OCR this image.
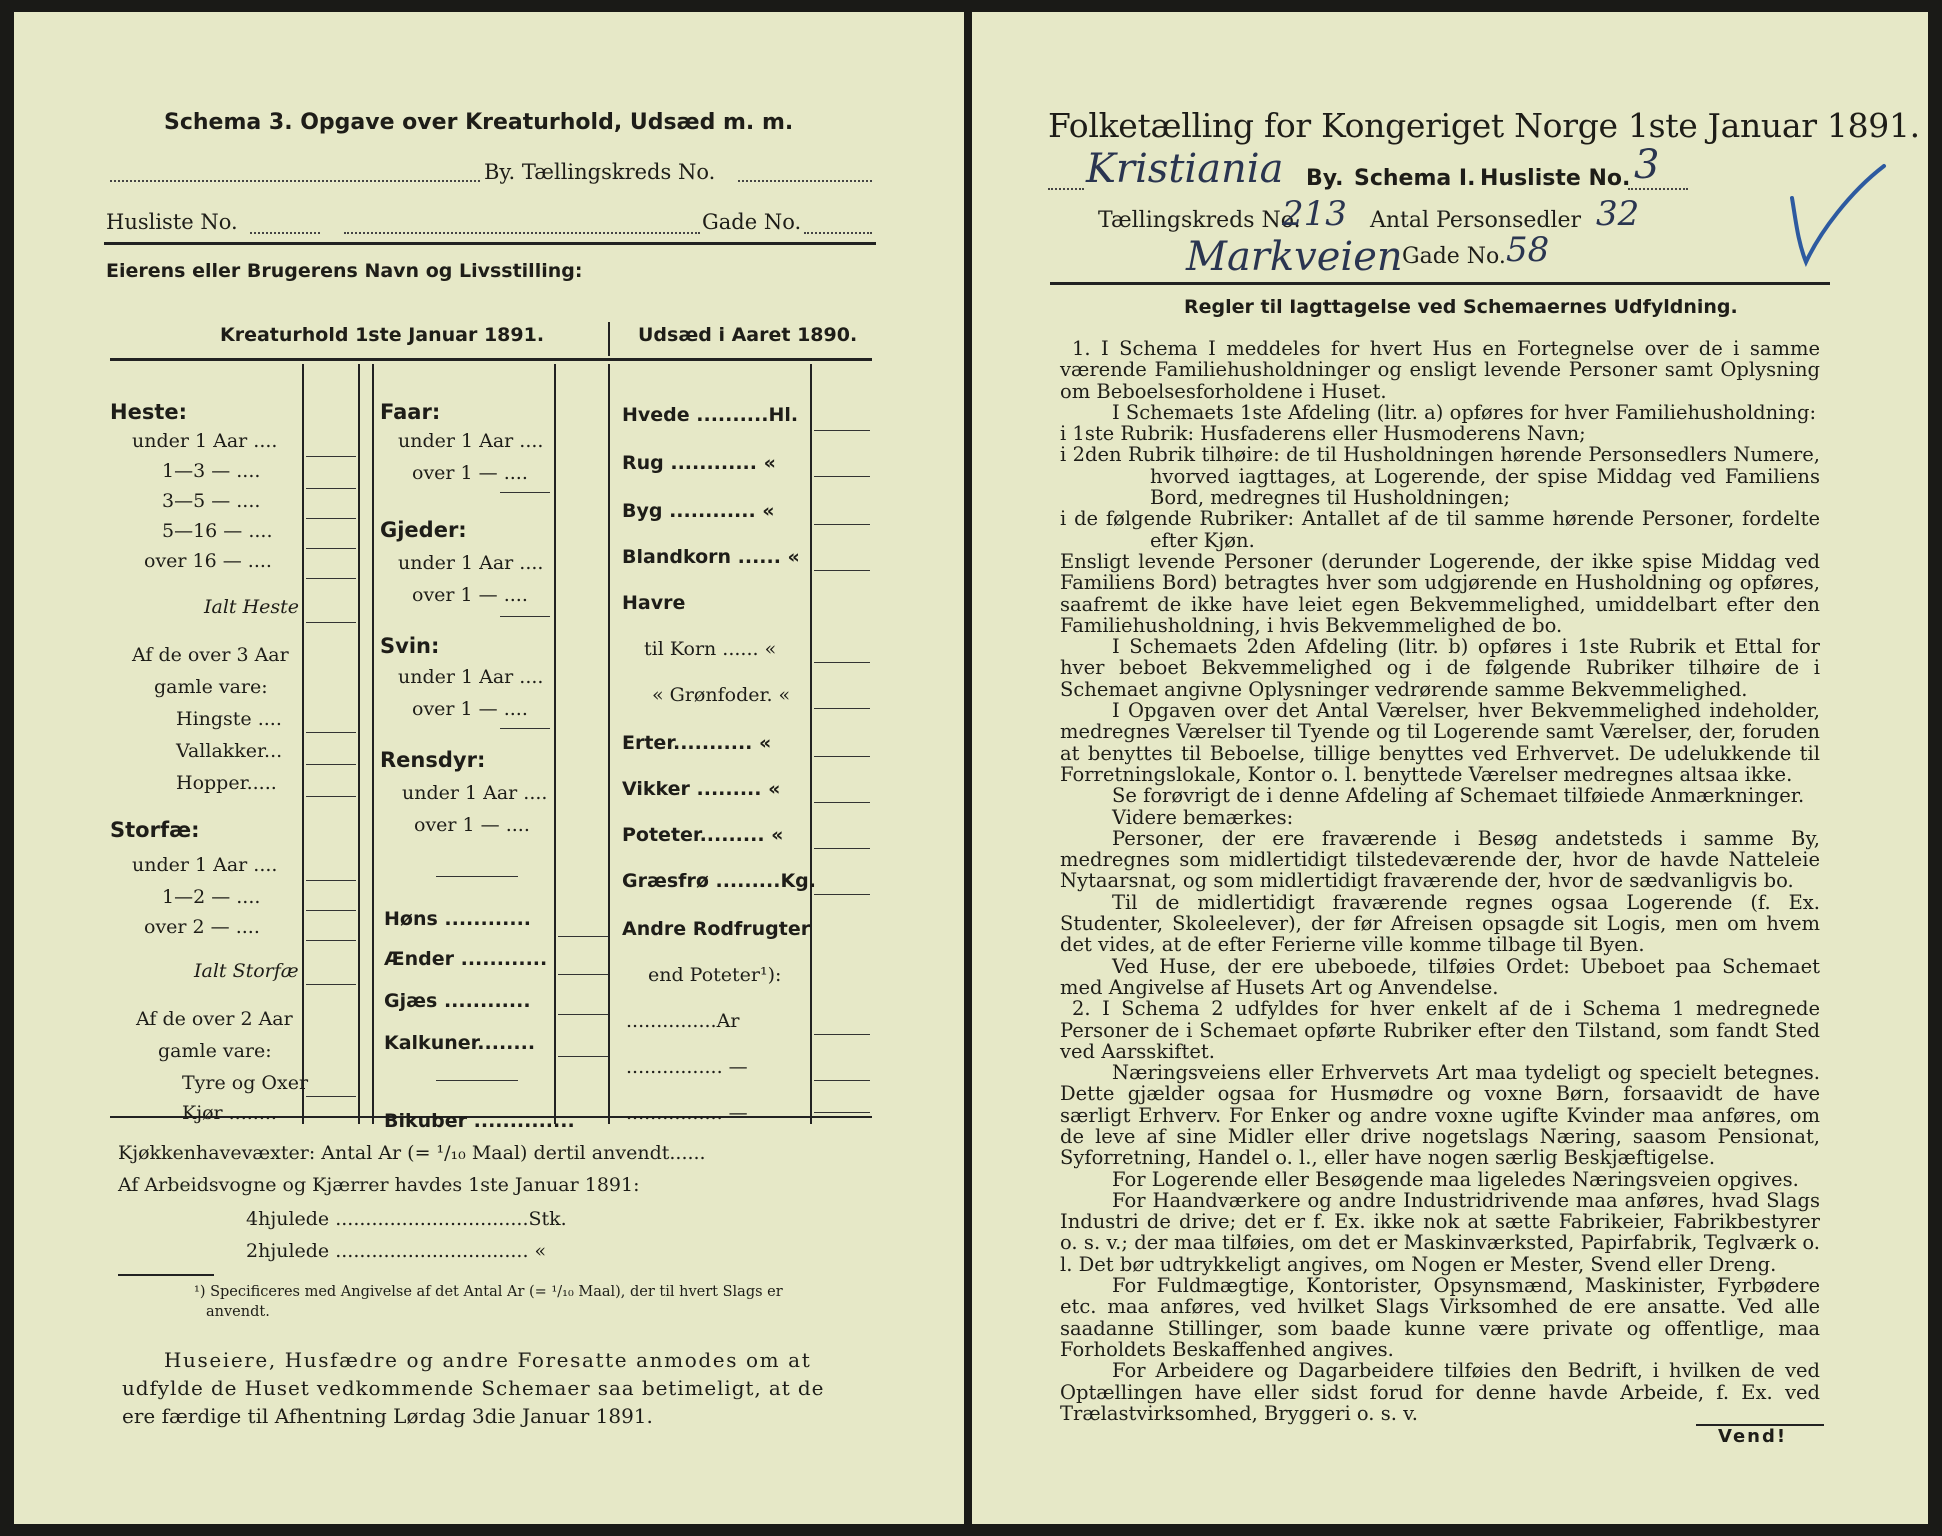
Schema 3. Opgave over Kreaturhold, Udsæd m. m.
By. Tællingskreds No.
Husliste No.	Gade No.
Eierens eller Brugerens Navn og Livsstilling:
Kreaturhold 1ste Januar 1891.	Udsæd i Aaret 1890.
Heste:
under 1 Aar ....
1—3 — ....
3—5 — ....
5—16 — ....
over 16 — ....
Ialt Heste
Af de over 3 Aar
gamle vare:
Hingste ....
Vallakker...
Hopper.....
Storfæ:
under 1 Aar ....
1—2 — ....
over 2 — ....
Ialt Storfæ
Af de over 2 Aar
gamle vare:
Tyre og Oxer
Kjør ........
Faar:
under 1 Aar ....
over 1 — ....
Gjeder:
under 1 Aar ....
over 1 — ....
Svin:
under 1 Aar ....
over 1 — ....
Rensdyr:
under 1 Aar ....
over 1 — ....
Høns ............
Ænder ............
Gjæs ............
Kalkuner........
Bikuber ..............
Hvede ..........Hl.
Rug ............ «
Byg ............ «
Blandkorn ...... «
Havre
til Korn ...... «
« Grønfoder. «
Erter........... «
Vikker ......... «
Poteter......... «
Græsfrø .........Kg.
Andre Rodfrugter
end Poteter¹):
...............Ar
................ —
................ —
Kjøkkenhavevæxter: Antal Ar (= ¹/₁₀ Maal) dertil anvendt......
Af Arbeidsvogne og Kjærrer havdes 1ste Januar 1891:
4hjulede ................................Stk.
2hjulede ................................ «
¹) Specificeres med Angivelse af det Antal Ar (= ¹/₁₀ Maal), der til hvert Slags er
anvendt.
Huseiere, Husfædre og andre Foresatte anmodes om at
udfylde de Huset vedkommende Schemaer saa betimeligt, at de
ere færdige til Afhentning Lørdag 3die Januar 1891.
Folketælling for Kongeriget Norge 1ste Januar 1891.
Kristiania By. Schema I. Husliste No. 3
Tællingskreds No.
213 Antal Personsedler 32
Markveien Gade No. 58
Regler til Iagttagelse ved Schemaernes Udfyldning.

1. I Schema I meddeles for hvert Hus en Fortegnelse over de i samme værende Familiehusholdninger og ensligt levende Personer samt Oplysning om Beboelsesforholdene i Huset.

I Schemaets 1ste Afdeling (litr. a) opføres for hver Familiehusholdning:

i 1ste Rubrik: Husfaderens eller Husmoderens Navn;

i 2den Rubrik tilhøire: de til Husholdningen hørende Personsedlers Numere, hvorved iagttages, at Logerende, der spise Middag ved Familiens Bord, medregnes til Husholdningen;

i de følgende Rubriker: Antallet af de til samme hørende Personer, fordelte efter Kjøn.

Ensligt levende Personer (derunder Logerende, der ikke spise Middag ved Familiens Bord) betragtes hver som udgjørende en Husholdning og opføres, saafremt de ikke have leiet egen Bekvemmelighed, umiddelbart efter den Familiehusholdning, i hvis Bekvemmelighed de bo.

I Schemaets 2den Afdeling (litr. b) opføres i 1ste Rubrik et Ettal for hver beboet Bekvemmelighed og i de følgende Rubriker tilhøire de i Schemaet angivne Oplysninger vedrørende samme Bekvemmelighed.

I Opgaven over det Antal Værelser, hver Bekvemmelighed indeholder, medregnes Værelser til Tyende og til Logerende samt Værelser, der, foruden at benyttes til Beboelse, tillige benyttes ved Erhvervet. De udelukkende til Forretningslokale, Kontor o. l. benyttede Værelser medregnes altsaa ikke.

Se forøvrigt de i denne Afdeling af Schemaet tilføiede Anmærkninger.

Videre bemærkes:

Personer, der ere fraværende i Besøg andetsteds i samme By, medregnes som midlertidigt tilstedeværende der, hvor de havde Natteleie Nytaarsnat, og som midlertidigt fraværende der, hvor de sædvanligvis bo.

Til de midlertidigt fraværende regnes ogsaa Logerende (f. Ex. Studenter, Skoleelever), der før Afreisen opsagde sit Logis, men om hvem det vides, at de efter Ferierne ville komme tilbage til Byen.

Ved Huse, der ere ubeboede, tilføies Ordet: Ubeboet paa Schemaet med Angivelse af Husets Art og Anvendelse.

2. I Schema 2 udfyldes for hver enkelt af de i Schema 1 medregnede Personer de i Schemaet opførte Rubriker efter den Tilstand, som fandt Sted ved Aarsskiftet.

Næringsveiens eller Erhvervets Art maa tydeligt og specielt betegnes. Dette gjælder ogsaa for Husmødre og voxne Børn, forsaavidt de have særligt Erhverv. For Enker og andre voxne ugifte Kvinder maa anføres, om de leve af sine Midler eller drive nogetslags Næring, saasom Pensionat, Syforretning, Handel o. l., eller have nogen særlig Beskjæftigelse.

For Logerende eller Besøgende maa ligeledes Næringsveien opgives.

For Haandværkere og andre Industridrivende maa anføres, hvad Slags Industri de drive; det er f. Ex. ikke nok at sætte Fabrikeier, Fabrikbestyrer o. s. v.; der maa tilføies, om det er Maskinværksted, Papirfabrik, Teglværk o. l. Det bør udtrykkeligt angives, om Nogen er Mester, Svend eller Dreng.

For Fuldmægtige, Kontorister, Opsynsmænd, Maskinister, Fyrbødere etc. maa anføres, ved hvilket Slags Virksomhed de ere ansatte. Ved alle saadanne Stillinger, som baade kunne være private og offentlige, maa Forholdets Beskaffenhed angives.

For Arbeidere og Dagarbeidere tilføies den Bedrift, i hvilken de ved Optællingen have eller sidst forud for denne havde Arbeide, f. Ex. ved Trælastvirksomhed, Bryggeri o. s. v.

Vend!
